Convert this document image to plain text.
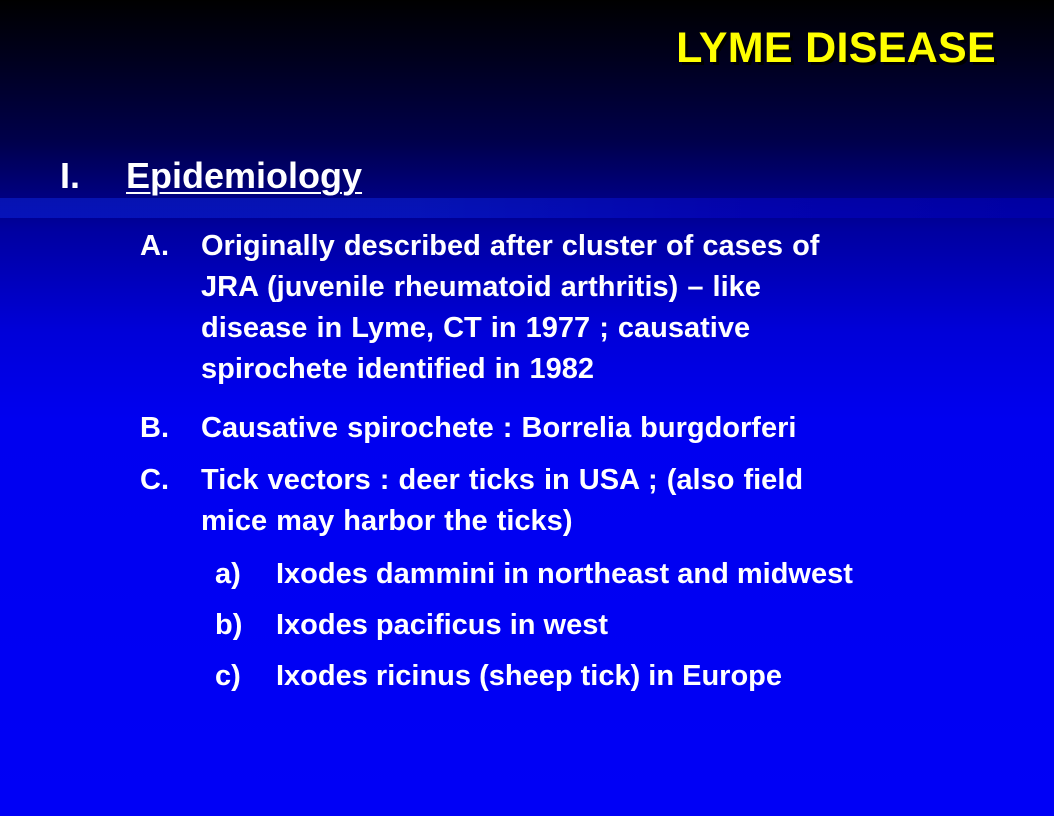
LYME DISEASE
I. Epidemiology
A. Originally described after cluster of cases of
JRA (juvenile rheumatoid arthritis) – like
disease in Lyme, CT in 1977 ; causative
spirochete identified in 1982
B. Causative spirochete : Borrelia burgdorferi
C. Tick vectors : deer ticks in USA ; (also field
mice may harbor the ticks)
a) Ixodes dammini in northeast and midwest
b) Ixodes pacificus in west
c) Ixodes ricinus (sheep tick) in Europe
